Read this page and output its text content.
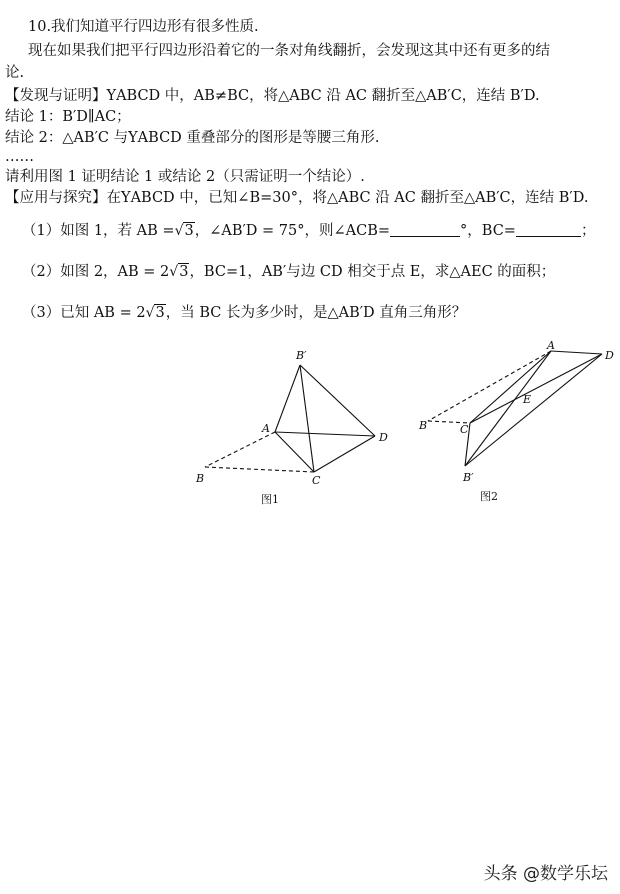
10.我们知道平行四边形有很多性质.
现在如果我们把平行四边形沿着它的一条对角线翻折，会发现这其中还有更多的结
论.
【发现与证明】ΥABCD 中，AB≠BC，将△ABC 沿 AC 翻折至△AB′C，连结 B′D.
结论 1：B′D∥AC；
结论 2：△AB′C 与ΥABCD 重叠部分的图形是等腰三角形.
……
请利用图 1 证明结论 1 或结论 2（只需证明一个结论）.
【应用与探究】在ΥABCD 中，已知∠B=30°，将△ABC 沿 AC 翻折至△AB′C，连结 B′D.
（1）如图 1，若 AB =√3，∠AB′D = 75°，则∠ACB=	°，BC=	；
（2）如图 2，AB = 2√3，BC=1，AB′与边 CD 相交于点 E，求△AEC 的面积；
（3）已知 AB = 2√3，当 BC 长为多少时，是△AB′D 直角三角形？
B′
A
D
B	C
图1
A
D
E
B	C
B′
图2
头条 @数学乐坛
